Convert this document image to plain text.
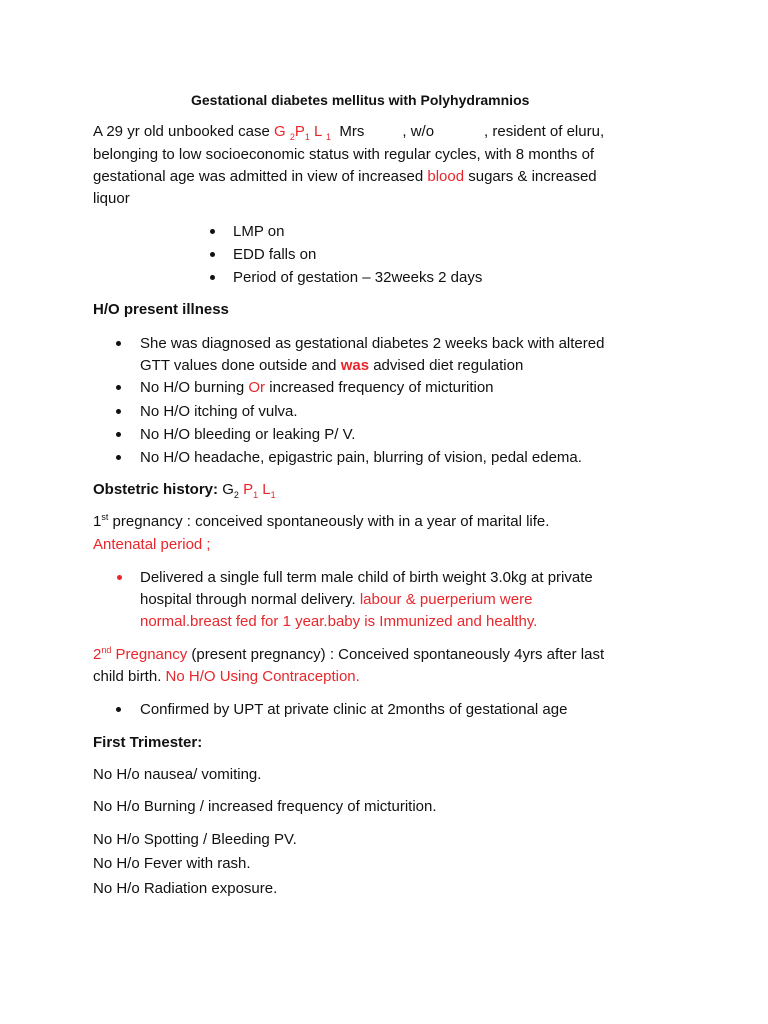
Gestational diabetes mellitus with Polyhydramnios
A 29 yr old unbooked case G $_2P_1$ L $_1$ Mrs	, w/o	, resident of eluru,
belonging to low socioeconomic status with regular cycles, with 8 months of
gestational age was admitted in view of increased blood sugars & increased
liquor
LMP on
EDD falls on
Period of gestation – 32weeks 2 days
H/O present illness
She was diagnosed as gestational diabetes 2 weeks back with altered
GTT values done outside and was advised diet regulation
No H/O burning Or increased frequency of micturition
No H/O itching of vulva.
No H/O bleeding or leaking P/ V.
No H/O headache, epigastric pain, blurring of vision, pedal edema.
Obstetric history: $G_2$ $P_1$ $L_1$
1st pregnancy : conceived spontaneously with in a year of marital life.
Antenatal period ;
Delivered a single full term male child of birth weight 3.0kg at private
hospital through normal delivery. labour & puerperium were
normal.breast fed for 1 year.baby is Immunized and healthy.
2nd Pregnancy (present pregnancy) : Conceived spontaneously 4yrs after last
child birth. No H/O Using Contraception.
Confirmed by UPT at private clinic at 2months of gestational age
First Trimester:
No H/o nausea/ vomiting.
No H/o Burning / increased frequency of micturition.
No H/o Spotting / Bleeding PV.
No H/o Fever with rash.
No H/o Radiation exposure.
